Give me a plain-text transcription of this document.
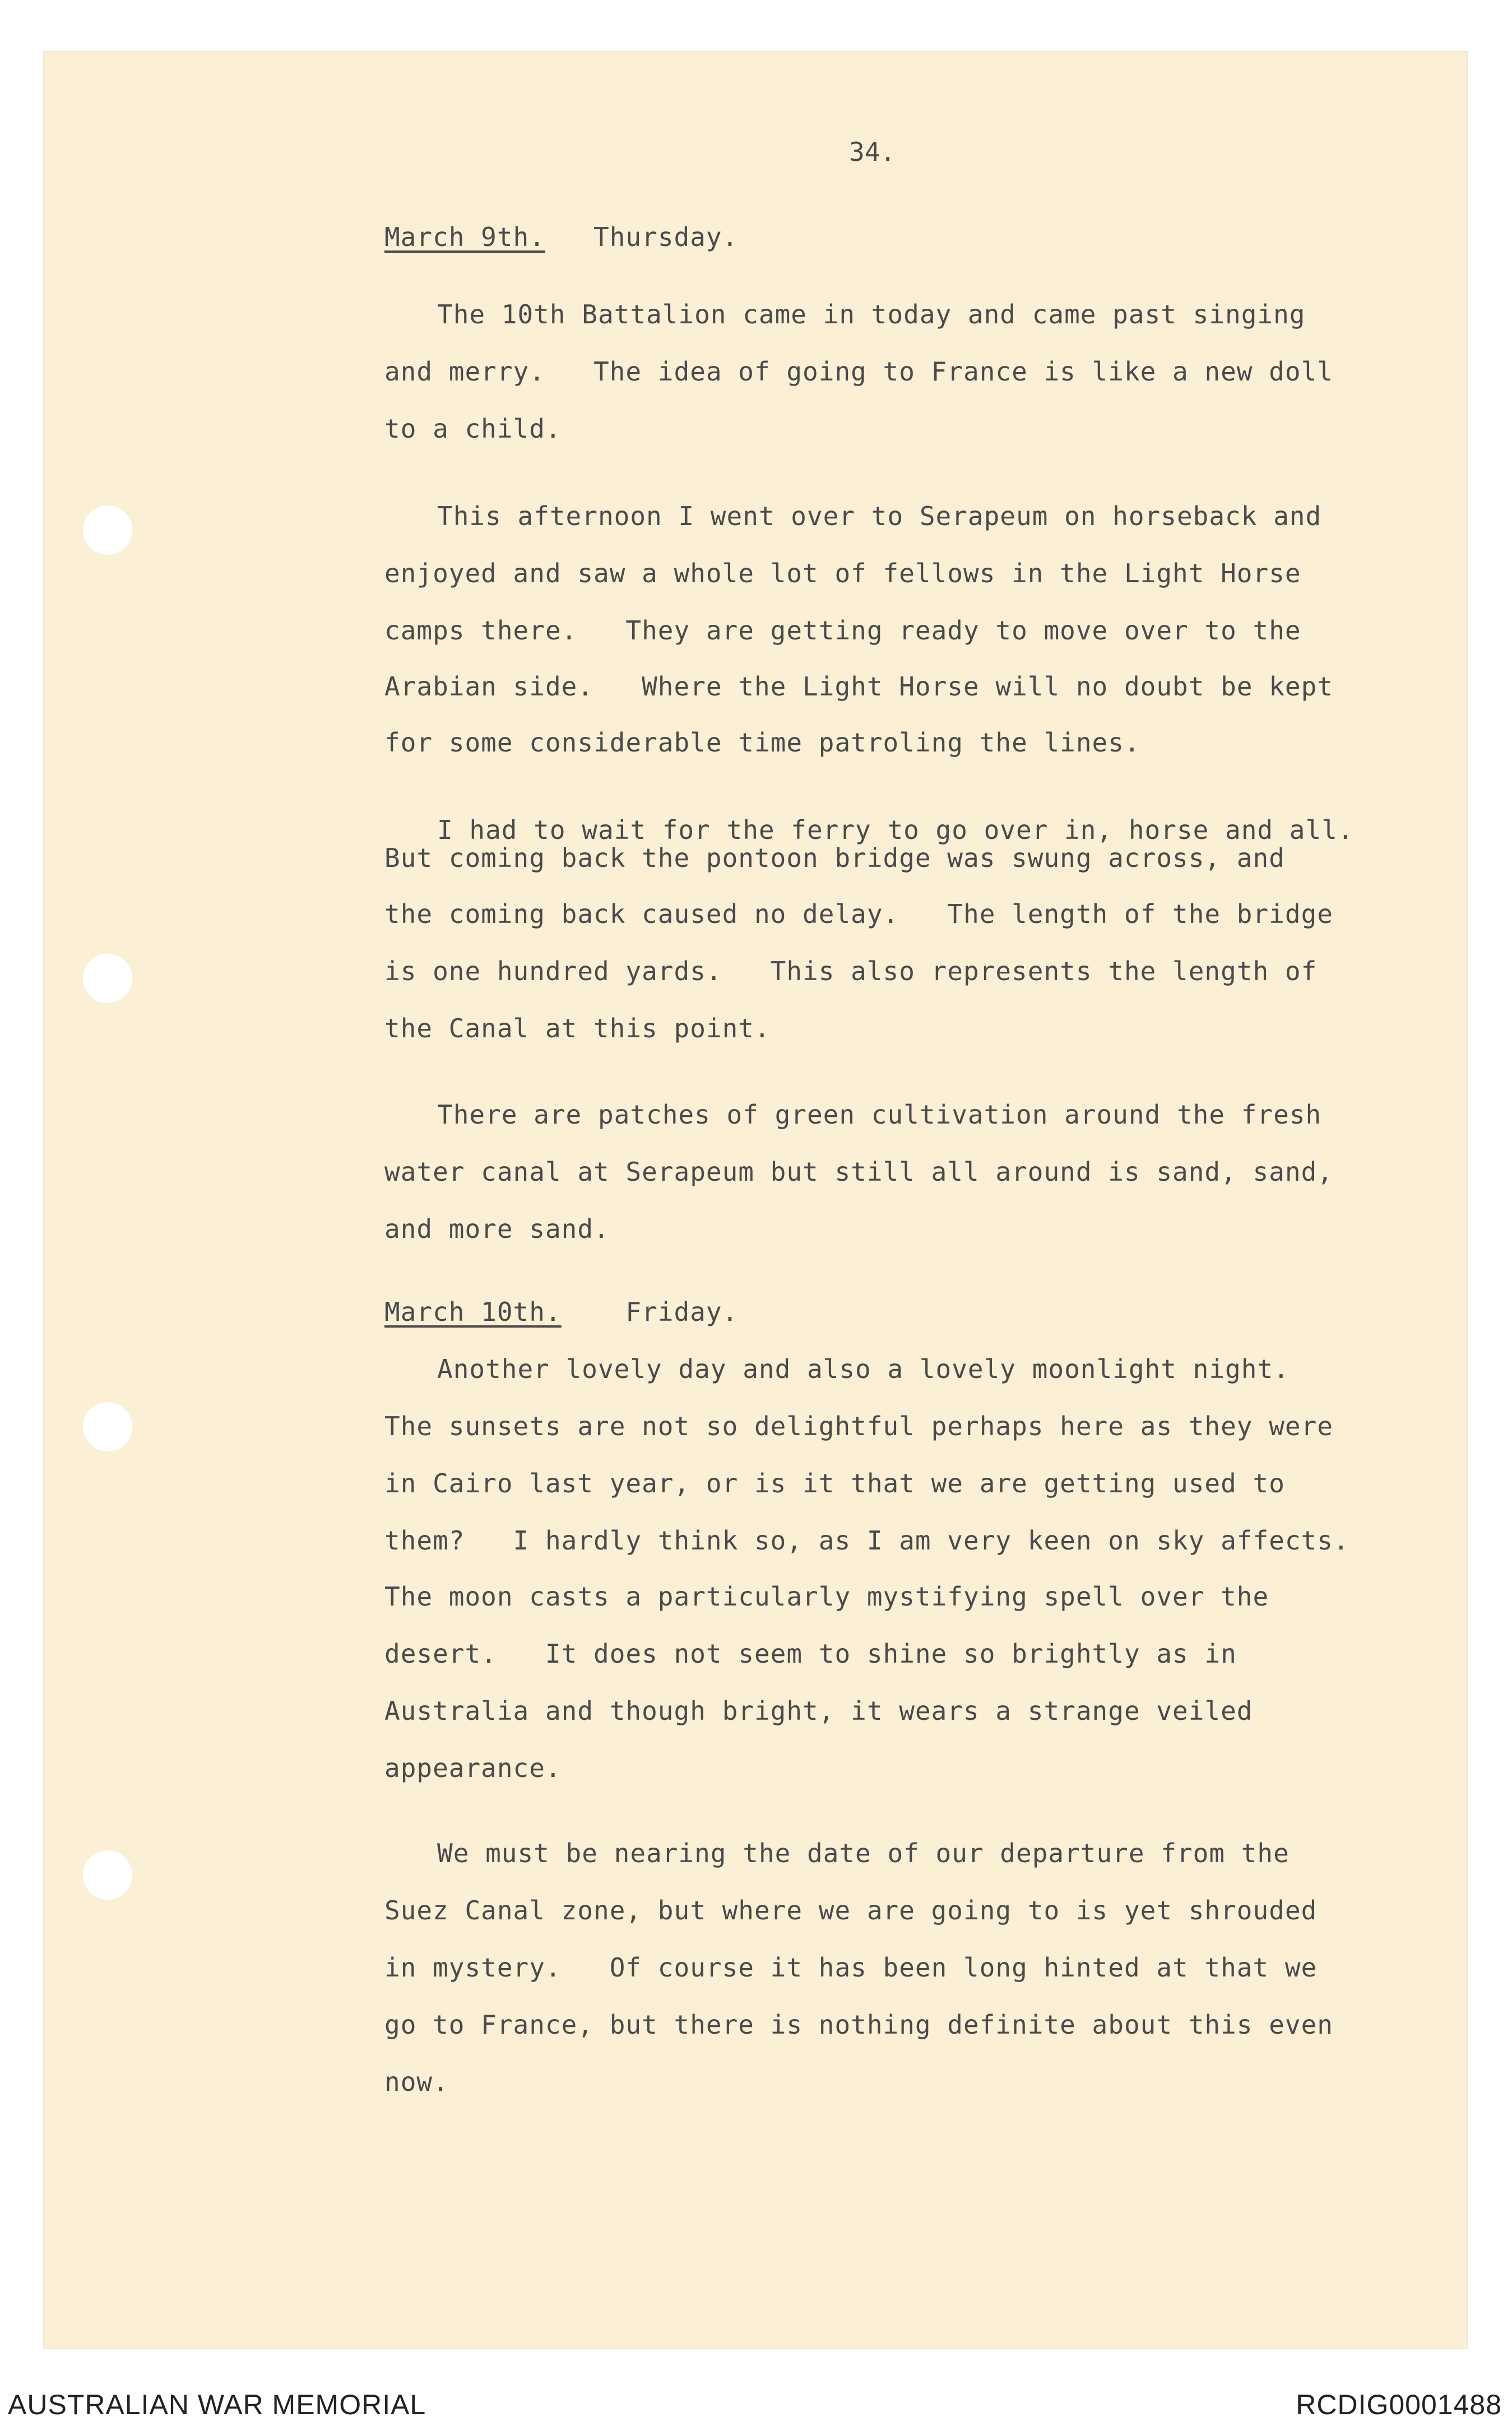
34.
March 9th. Thursday.
The 10th Battalion came in today and came past singing
and merry.   The idea of going to France is like a new doll
to a child.
This afternoon I went over to Serapeum on horseback and
enjoyed and saw a whole lot of fellows in the Light Horse
camps there.   They are getting ready to move over to the
Arabian side.   Where the Light Horse will no doubt be kept
for some considerable time patroling the lines.
I had to wait for the ferry to go over in, horse and all.
But coming back the pontoon bridge was swung across, and
the coming back caused no delay.   The length of the bridge
is one hundred yards.   This also represents the length of
the Canal at this point.
There are patches of green cultivation around the fresh
water canal at Serapeum but still all around is sand, sand,
and more sand.
March 10th. Friday.
Another lovely day and also a lovely moonlight night.
The sunsets are not so delightful perhaps here as they were
in Cairo last year, or is it that we are getting used to
them?   I hardly think so, as I am very keen on sky affects.
The moon casts a particularly mystifying spell over the
desert.   It does not seem to shine so brightly as in
Australia and though bright, it wears a strange veiled
appearance.
We must be nearing the date of our departure from the
Suez Canal zone, but where we are going to is yet shrouded
in mystery.   Of course it has been long hinted at that we
go to France, but there is nothing definite about this even
now.
AUSTRALIAN WAR MEMORIAL	RCDIG0001488
